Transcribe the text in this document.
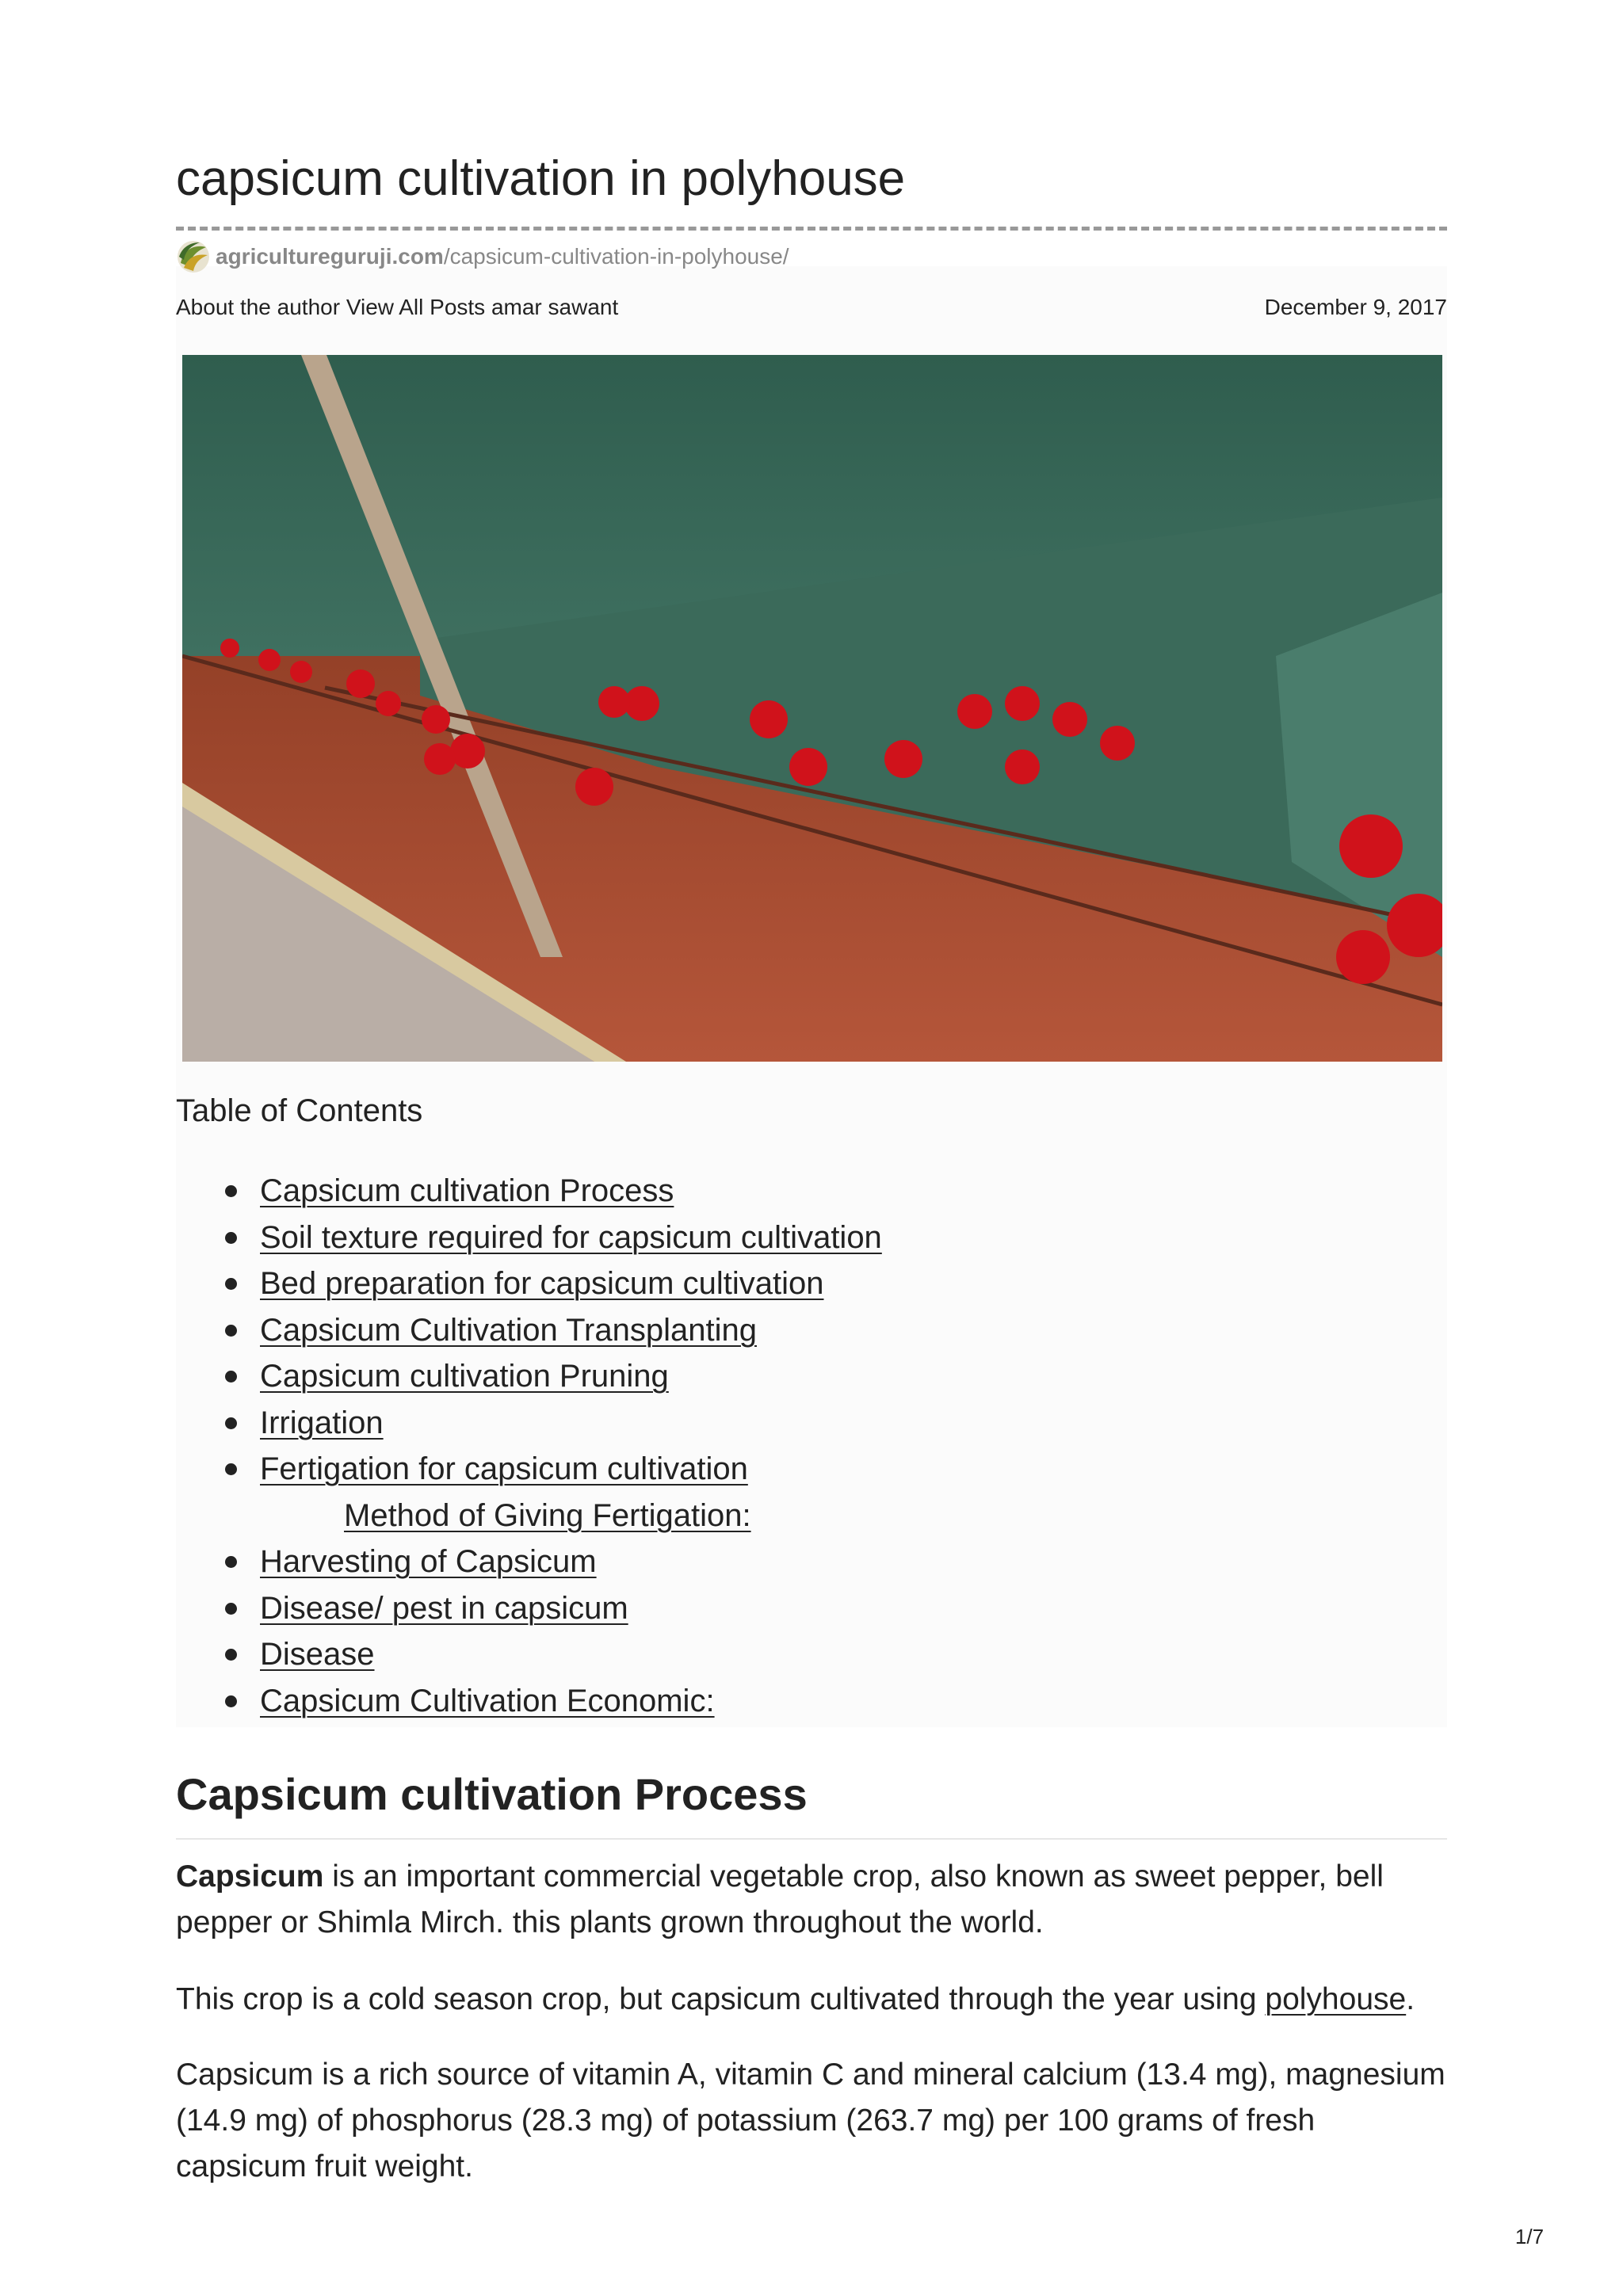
capsicum cultivation in polyhouse
agricultureguruji.com /capsicum-cultivation-in-polyhouse/
About the author View All Posts amar sawant	December 9, 2017
Table of Contents
Capsicum cultivation Process
Soil texture required for capsicum cultivation
Bed preparation for capsicum cultivation
Capsicum Cultivation Transplanting
Capsicum cultivation Pruning
Irrigation
Fertigation for capsicum cultivation
Method of Giving Fertigation:
Harvesting of Capsicum
Disease/ pest in capsicum
Disease
Capsicum Cultivation Economic:
Capsicum cultivation Process

Capsicum is an important commercial vegetable crop, also known as sweet pepper, bell pepper or Shimla Mirch. this plants grown throughout the world.

This crop is a cold season crop, but capsicum cultivated through the year using polyhouse.

Capsicum is a rich source of vitamin A, vitamin C and mineral calcium (13.4 mg), magnesium (14.9 mg) of phosphorus (28.3 mg) of potassium (263.7 mg) per 100 grams of fresh capsicum fruit weight.

1/7
